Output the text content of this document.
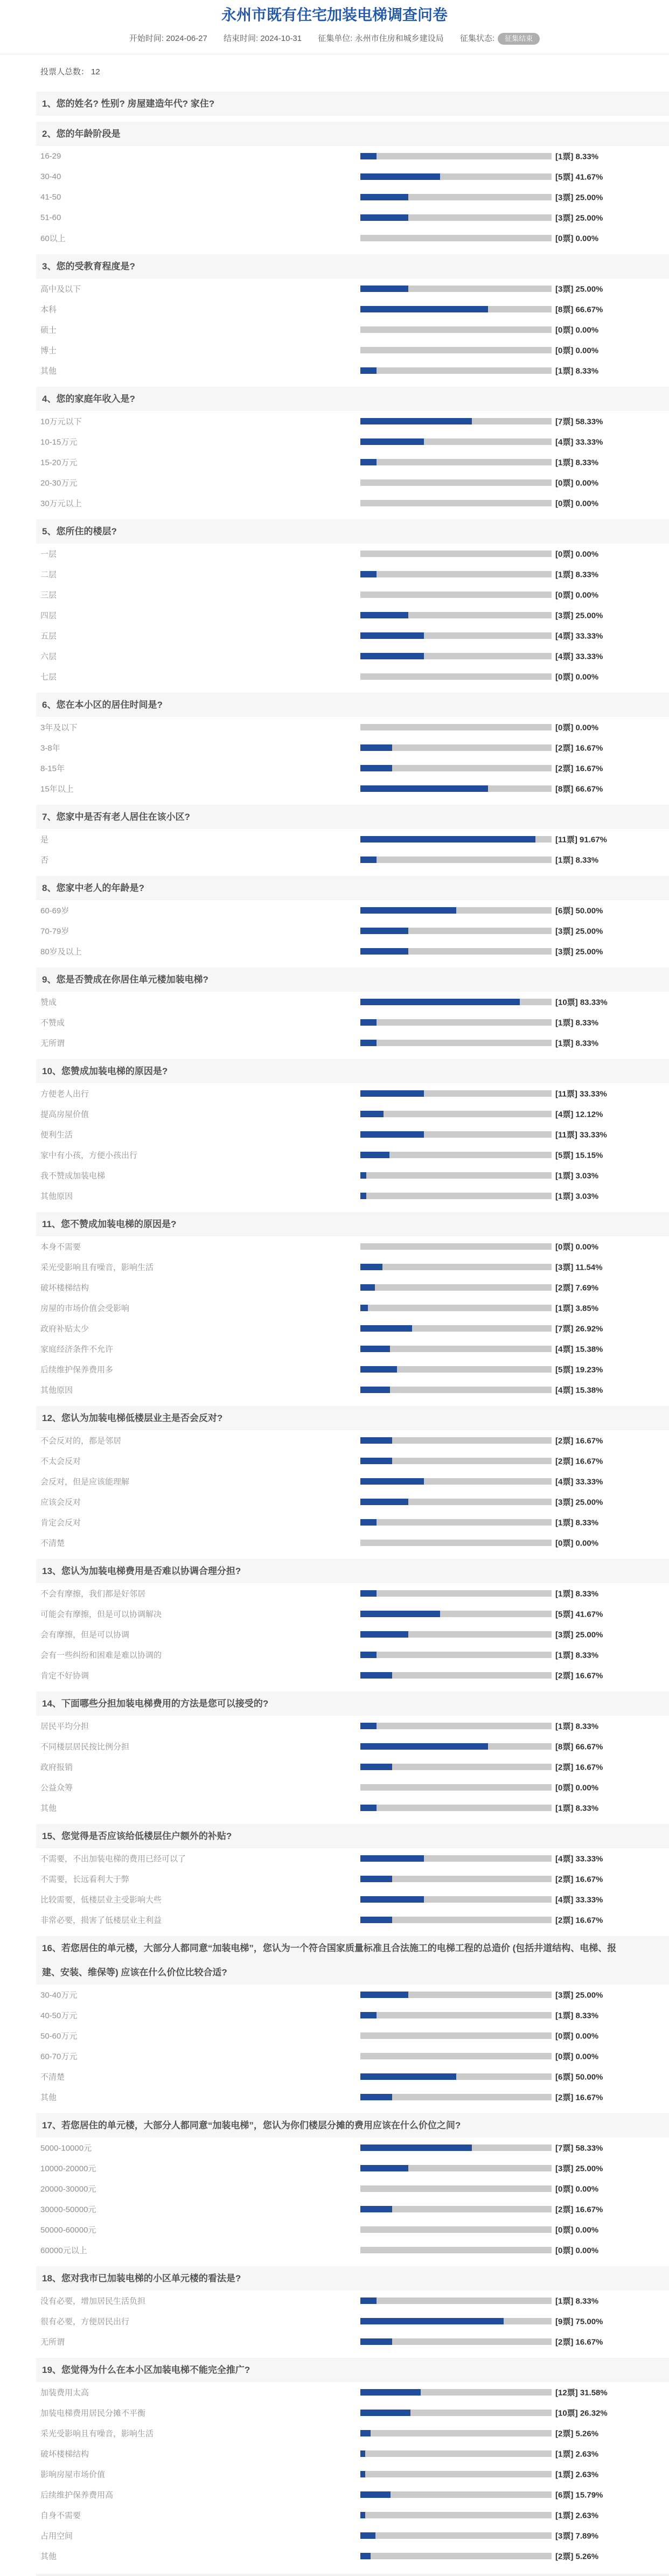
永州市既有住宅加装电梯调查问卷
开始时间: 2024-06-27 结束时间: 2024-10-31 征集单位: 永州市住房和城乡建设局 征集状态: 征集结束
投票人总数： 12
1、您的姓名? 性别? 房屋建造年代? 家住?
2、您的年龄阶段是
16-29	[1票] 8.33%
30-40	[5票] 41.67%
41-50	[3票] 25.00%
51-60	[3票] 25.00%
60以上	[0票] 0.00%
3、您的受教育程度是?
高中及以下	[3票] 25.00%
本科	[8票] 66.67%
硕士	[0票] 0.00%
博士	[0票] 0.00%
其他	[1票] 8.33%
4、您的家庭年收入是?
10万元以下	[7票] 58.33%
10-15万元	[4票] 33.33%
15-20万元	[1票] 8.33%
20-30万元	[0票] 0.00%
30万元以上	[0票] 0.00%
5、您所住的楼层?
一层	[0票] 0.00%
二层	[1票] 8.33%
三层	[0票] 0.00%
四层	[3票] 25.00%
五层	[4票] 33.33%
六层	[4票] 33.33%
七层	[0票] 0.00%
6、您在本小区的居住时间是?
3年及以下	[0票] 0.00%
3-8年	[2票] 16.67%
8-15年	[2票] 16.67%
15年以上	[8票] 66.67%
7、您家中是否有老人居住在该小区?
是	[11票] 91.67%
否	[1票] 8.33%
8、您家中老人的年龄是?
60-69岁	[6票] 50.00%
70-79岁	[3票] 25.00%
80岁及以上	[3票] 25.00%
9、您是否赞成在你居住单元楼加装电梯?
赞成	[10票] 83.33%
不赞成	[1票] 8.33%
无所谓	[1票] 8.33%
10、您赞成加装电梯的原因是?
方便老人出行	[11票] 33.33%
提高房屋价值	[4票] 12.12%
便利生活	[11票] 33.33%
家中有小孩，方便小孩出行	[5票] 15.15%
我不赞成加装电梯	[1票] 3.03%
其他原因	[1票] 3.03%
11、您不赞成加装电梯的原因是?
本身不需要	[0票] 0.00%
采光受影响且有噪音，影响生活	[3票] 11.54%
破坏楼梯结构	[2票] 7.69%
房屋的市场价值会受影响	[1票] 3.85%
政府补贴太少	[7票] 26.92%
家庭经济条件不允许	[4票] 15.38%
后续维护保养费用多	[5票] 19.23%
其他原因	[4票] 15.38%
12、您认为加装电梯低楼层业主是否会反对?
不会反对的，都是邻居	[2票] 16.67%
不太会反对	[2票] 16.67%
会反对，但是应该能理解	[4票] 33.33%
应该会反对	[3票] 25.00%
肯定会反对	[1票] 8.33%
不清楚	[0票] 0.00%
13、您认为加装电梯费用是否难以协调合理分担?
不会有摩擦，我们都是好邻居	[1票] 8.33%
可能会有摩擦，但是可以协调解决	[5票] 41.67%
会有摩擦，但是可以协调	[3票] 25.00%
会有一些纠纷和困难是难以协调的	[1票] 8.33%
肯定不好协调	[2票] 16.67%
14、下面哪些分担加装电梯费用的方法是您可以接受的?
居民平均分担	[1票] 8.33%
不同楼层居民按比例分担	[8票] 66.67%
政府报销	[2票] 16.67%
公益众筹	[0票] 0.00%
其他	[1票] 8.33%
15、您觉得是否应该给低楼层住户额外的补贴?
不需要，不出加装电梯的费用已经可以了	[4票] 33.33%
不需要，长远看利大于弊	[2票] 16.67%
比较需要，低楼层业主受影响大些	[4票] 33.33%
非常必要，损害了低楼层业主利益	[2票] 16.67%
16、若您居住的单元楼，大部分人都同意“加装电梯”，您认为一个符合国家质量标准且合法施工的电梯工程的总造价 (包括井道结构、电梯、报建、安装、维保等) 应该在什么价位比较合适?
30-40万元	[3票] 25.00%
40-50万元	[1票] 8.33%
50-60万元	[0票] 0.00%
60-70万元	[0票] 0.00%
不清楚	[6票] 50.00%
其他	[2票] 16.67%
17、若您居住的单元楼，大部分人都同意“加装电梯”，您认为你们楼层分摊的费用应该在什么价位之间?
5000-10000元	[7票] 58.33%
10000-20000元	[3票] 25.00%
20000-30000元	[0票] 0.00%
30000-50000元	[2票] 16.67%
50000-60000元	[0票] 0.00%
60000元以上	[0票] 0.00%
18、您对我市已加装电梯的小区单元楼的看法是?
没有必要，增加居民生活负担	[1票] 8.33%
很有必要，方便居民出行	[9票] 75.00%
无所谓	[2票] 16.67%
19、您觉得为什么在本小区加装电梯不能完全推广?
加装费用太高	[12票] 31.58%
加装电梯费用居民分摊不平衡	[10票] 26.32%
采光受影响且有噪音，影响生活	[2票] 5.26%
破坏楼梯结构	[1票] 2.63%
影响房屋市场价值	[1票] 2.63%
后续维护保养费用高	[6票] 15.79%
自身不需要	[1票] 2.63%
占用空间	[3票] 7.89%
其他	[2票] 5.26%
